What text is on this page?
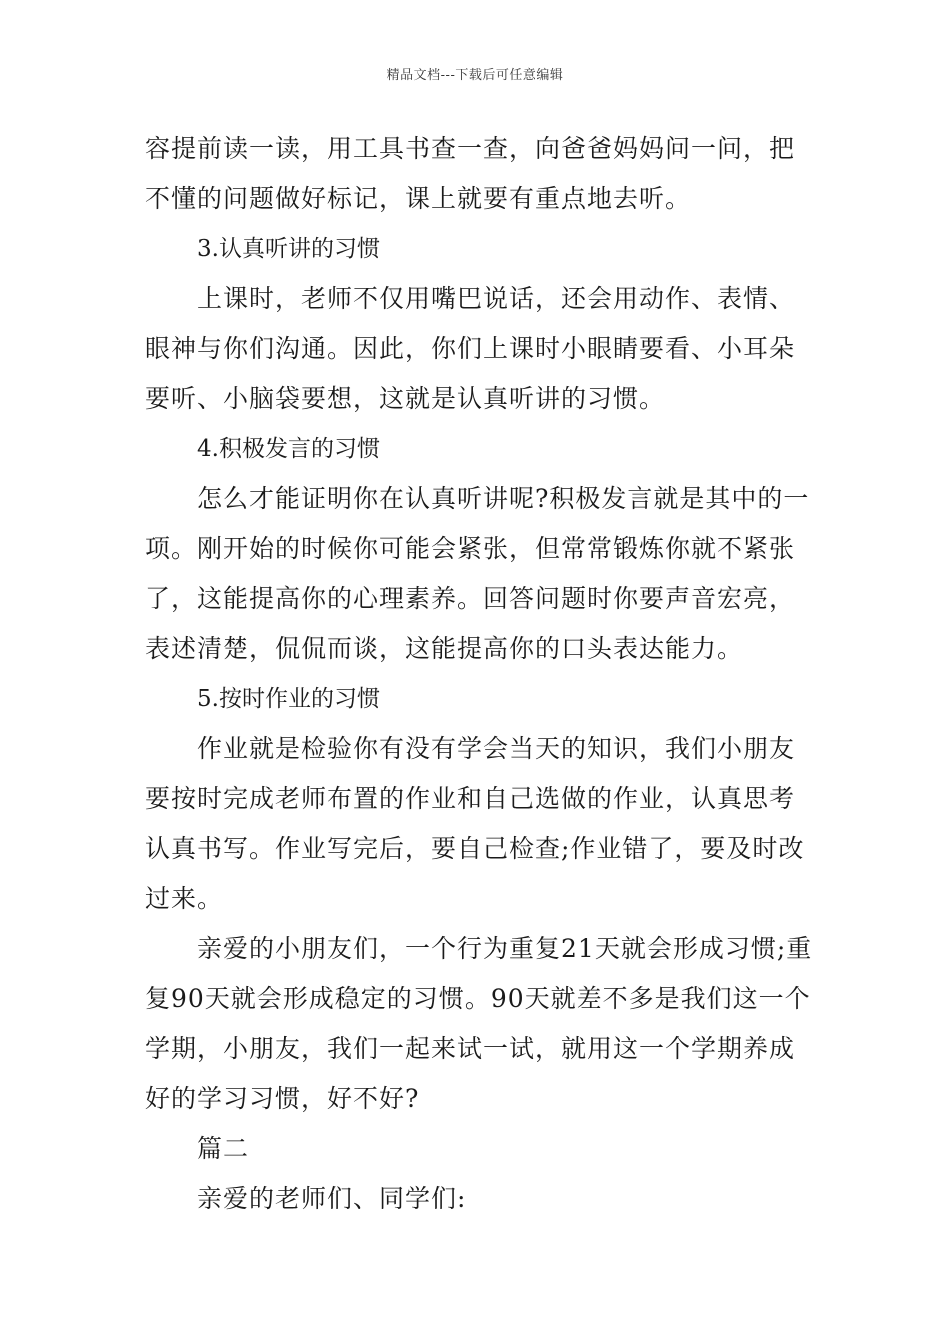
精品文档---下载后可任意编辑
容提前读一读，用工具书查一查，向爸爸妈妈问一问，把
不懂的问题做好标记，课上就要有重点地去听。
3.认真听讲的习惯
上课时，老师不仅用嘴巴说话，还会用动作、表情、
眼神与你们沟通。因此，你们上课时小眼睛要看、小耳朵
要听、小脑袋要想，这就是认真听讲的习惯。
4.积极发言的习惯
怎么才能证明你在认真听讲呢?积极发言就是其中的一
项。刚开始的时候你可能会紧张，但常常锻炼你就不紧张
了，这能提高你的心理素养。回答问题时你要声音宏亮，
表述清楚，侃侃而谈，这能提高你的口头表达能力。
5.按时作业的习惯
作业就是检验你有没有学会当天的知识，我们小朋友
要按时完成老师布置的作业和自己选做的作业，认真思考
认真书写。作业写完后，要自己检查;作业错了，要及时改
过来。
亲爱的小朋友们，一个行为重复21天就会形成习惯;重
复90天就会形成稳定的习惯。90天就差不多是我们这一个
学期，小朋友，我们一起来试一试，就用这一个学期养成
好的学习习惯，好不好?
篇二
亲爱的老师们、同学们:
